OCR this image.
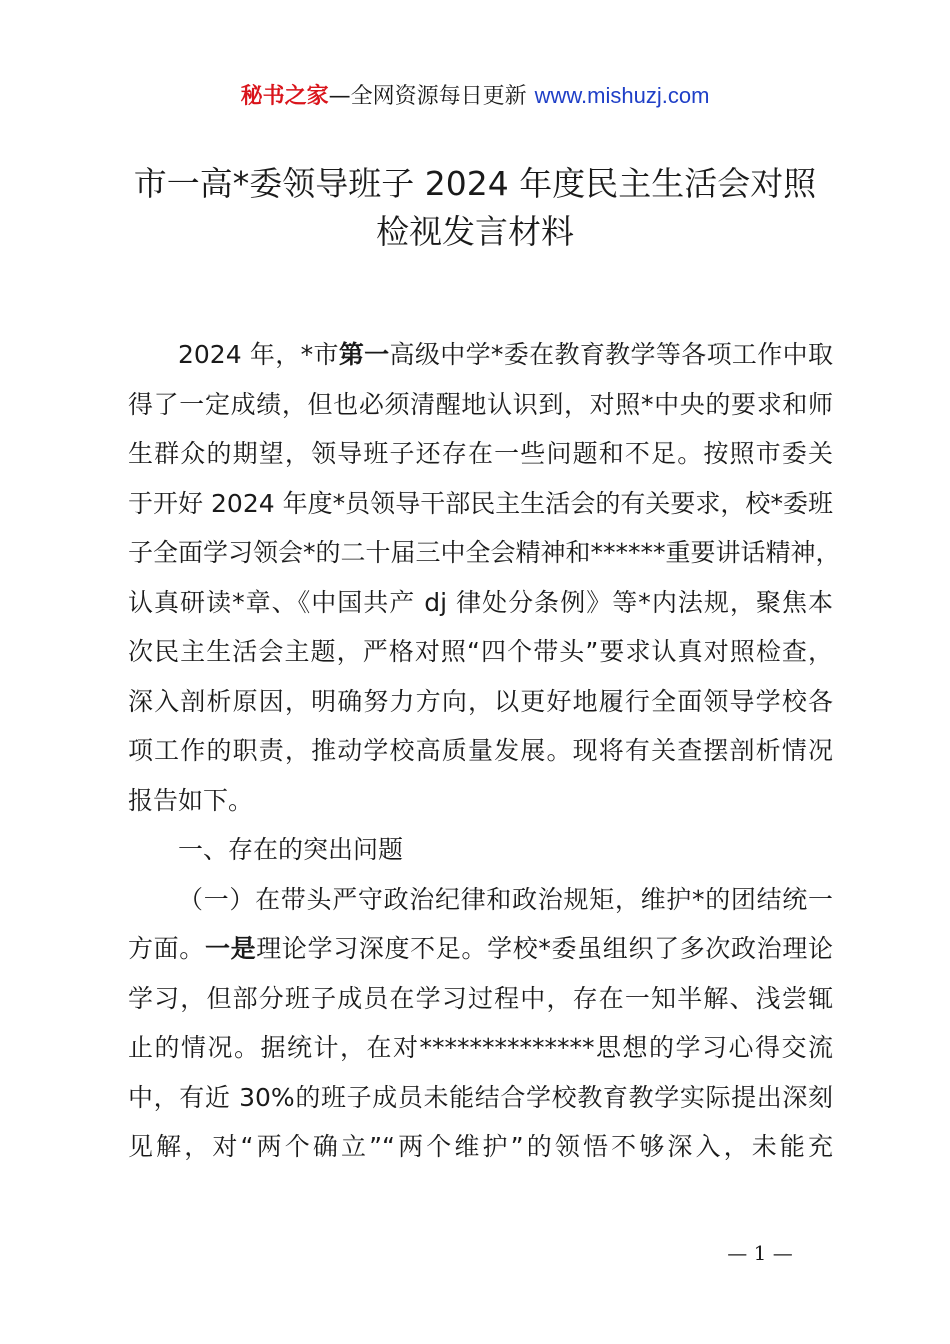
秘书之家—全网资源每日更新 www.mishuzj.com
市一高*委领导班子 2024 年度民主生活会对照
检视发言材料
2024 年，*市第一高级中学*委在教育教学等各项工作中取
得了一定成绩，但也必须清醒地认识到，对照*中央的要求和师
生群众的期望，领导班子还存在一些问题和不足。按照市委关
于开好 2024 年度*员领导干部民主生活会的有关要求，校*委班
子全面学习领会*的二十届三中全会精神和******重要讲话精神，
认真研读*章、《中国共产 dj 律处分条例》等*内法规，聚焦本
次民主生活会主题，严格对照“四个带头”要求认真对照检查，
深入剖析原因，明确努力方向，以更好地履行全面领导学校各
项工作的职责，推动学校高质量发展。现将有关查摆剖析情况
报告如下。
一、存在的突出问题
（一）在带头严守政治纪律和政治规矩，维护*的团结统一
方面。一是理论学习深度不足。学校*委虽组织了多次政治理论
学习，但部分班子成员在学习过程中，存在一知半解、浅尝辄
止的情况。据统计，在对**************思想的学习心得交流
中，有近 30%的班子成员未能结合学校教育教学实际提出深刻
见解，对“两个确立”“两个维护”的领悟不够深入，未能充
— 1 —
